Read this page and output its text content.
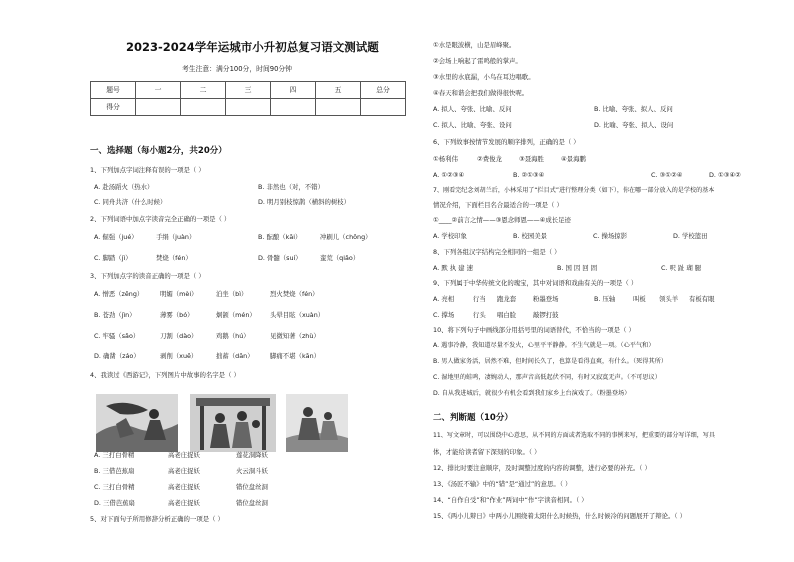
2023-2024学年运城市小升初总复习语文测试题
考生注意：满分100分，时间90分钟
题号	一	二	三	四	五	总分
得分						
一、选择题（每小题2分，共20分）
1、下列加点字词注释有误的一项是（ ）
A. 赴汤蹈火（热水）	B. 非然也（对，不错）
C. 同舟共济（什么时候）	D. 明月别枝惊鹊（横斜的树枝）
2、下列词语中加点字读音完全正确的一项是（ ）
A. 倔强（jué）	手绢（juàn）	B. 酝酿（kāi）	冲刷儿（chōng）
C. 脚踏（jì）	焚烧（fén）	D. 骨髓（suí）	蛮荒（qiǎo）
3、下列加点字的读音正确的一项是（ ）
A. 憎恶（zēng）	明媚（mèi）	泊坐（bì）	烈火焚烧（fén）
B. 苍劲（jìn）	薄雾（bó）	炯颌（mén） 头晕目眩（xuàn）
C. 牢骚（sǎo）	刀割（dào）	鸡鹅（hú）	见微知著（zhù）
D. 确凿（záo）	剥削（xuē）	拙蓄（dān）	脚痛不堪（kān）
4、我读过《西游记》，下列图片中故事的名字是（ ）
A. 三打白骨精	高老庄捉妖	莲花洞降妖
B. 三借芭蕉扇	高老庄捉妖	火云洞斗妖
C. 三打白骨精	高老庄捉妖	错位盘丝洞
D. 三借芭蕉扇	高老庄捉妖	错位盘丝洞
5、对下面句子所用修辞分析正确的一项是（ ）
①水是眼波横，山是眉峰聚。
②会场上响起了雷鸣般的掌声。
③水里的水底漏，小鸟在耳边唱歌。
④春天和谐会把我们做得很快呢。
A. 拟人、夸张、比喻、反问	B. 比喻、夸张、拟人、反问
C. 拟人、比喻、夸张、设问	D. 比喻、夸张、拟人、设问
6、下列故事按情节发展的顺序排列，正确的是（ ）
①杨利伟	②费俊龙	③聂海胜	④景海鹏
A. ①②③④	B. ②①③④	C. ③①②④	D. ①③④②
7、刚看完纪念刘胡兰后，小林采用了“拦目式”进行整理分类（如下），你在哪一部分放入的是学校的基本
情况介绍，下面栏目名合最适合的一项是（ ）
①____②前言之情——③恩念师恩——④成长足迹
A. 学校印象	B. 校园美景	C. 操场掠影	D. 学校篮田
8、下列各组汉字结构完全相同的一组是（ ）
A. 默 执 建 速	B. 国 因 回 固	C. 呎 趾 瑚 腿
9、下列属于中华传统文化的瑰宝，其中对词语和戏曲有关的一项是（ ）
A. 亮相	行当 跑龙套	粉墨登场	B. 压轴	叫板 领头羊 有板有眼
C. 撑场	行头 唱白脸	敲锣打鼓
10、将下列句子中画线部分用括号里的词语替代，不恰当的一项是（ ）
A. 遇事冷静，我知道尽量不发火，心里平平静静。不生气就是一项。（心平气和）
B. 男人做家务活，居然不难，但时间长久了，也算是看得直爽，有什么。（死得其所）
C. 湿地里的蛙鸣，凄婉动人，那声音高低起伏不同，有时又寂寞无声。（不可思议）
D. 自从我进城后，就很少有机会看到我们家乡上台演戏了。（粉墨登场）
二、判断题（10分）
11、写文章时，可以围绕中心意思，从不同的方面或者选取不同的事例来写，把重要的部分写详细，写具
体，才能给读者留下深刻的印象。（ ）
12、排比时要注意顺序，及时调整过度的内容的调整，进行必要的补充。（ ）
13、《汤匠不输》中的“错”是“通过”的意思。（ ）
14、“自作自受”和“作业”两词中“作”字读音相同。（ ）
15、《两小儿辩日》中两小儿围绕着太阳什么时候热，什么时候冷的问题展开了辩论。（ ）
